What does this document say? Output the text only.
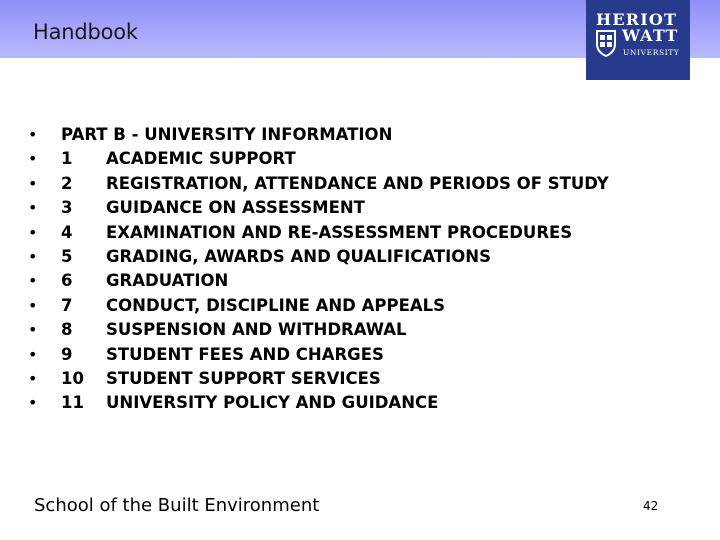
Handbook
HERIOT
WATT
UNIVERSITY
• PART B - UNIVERSITY INFORMATION
• 1 ACADEMIC SUPPORT
• 2 REGISTRATION, ATTENDANCE AND PERIODS OF STUDY
• 3 GUIDANCE ON ASSESSMENT
• 4 EXAMINATION AND RE-ASSESSMENT PROCEDURES
• 5 GRADING, AWARDS AND QUALIFICATIONS
• 6 GRADUATION
• 7 CONDUCT, DISCIPLINE AND APPEALS
• 8 SUSPENSION AND WITHDRAWAL
• 9 STUDENT FEES AND CHARGES
• 10 STUDENT SUPPORT SERVICES
• 11 UNIVERSITY POLICY AND GUIDANCE
School of the Built Environment	42
